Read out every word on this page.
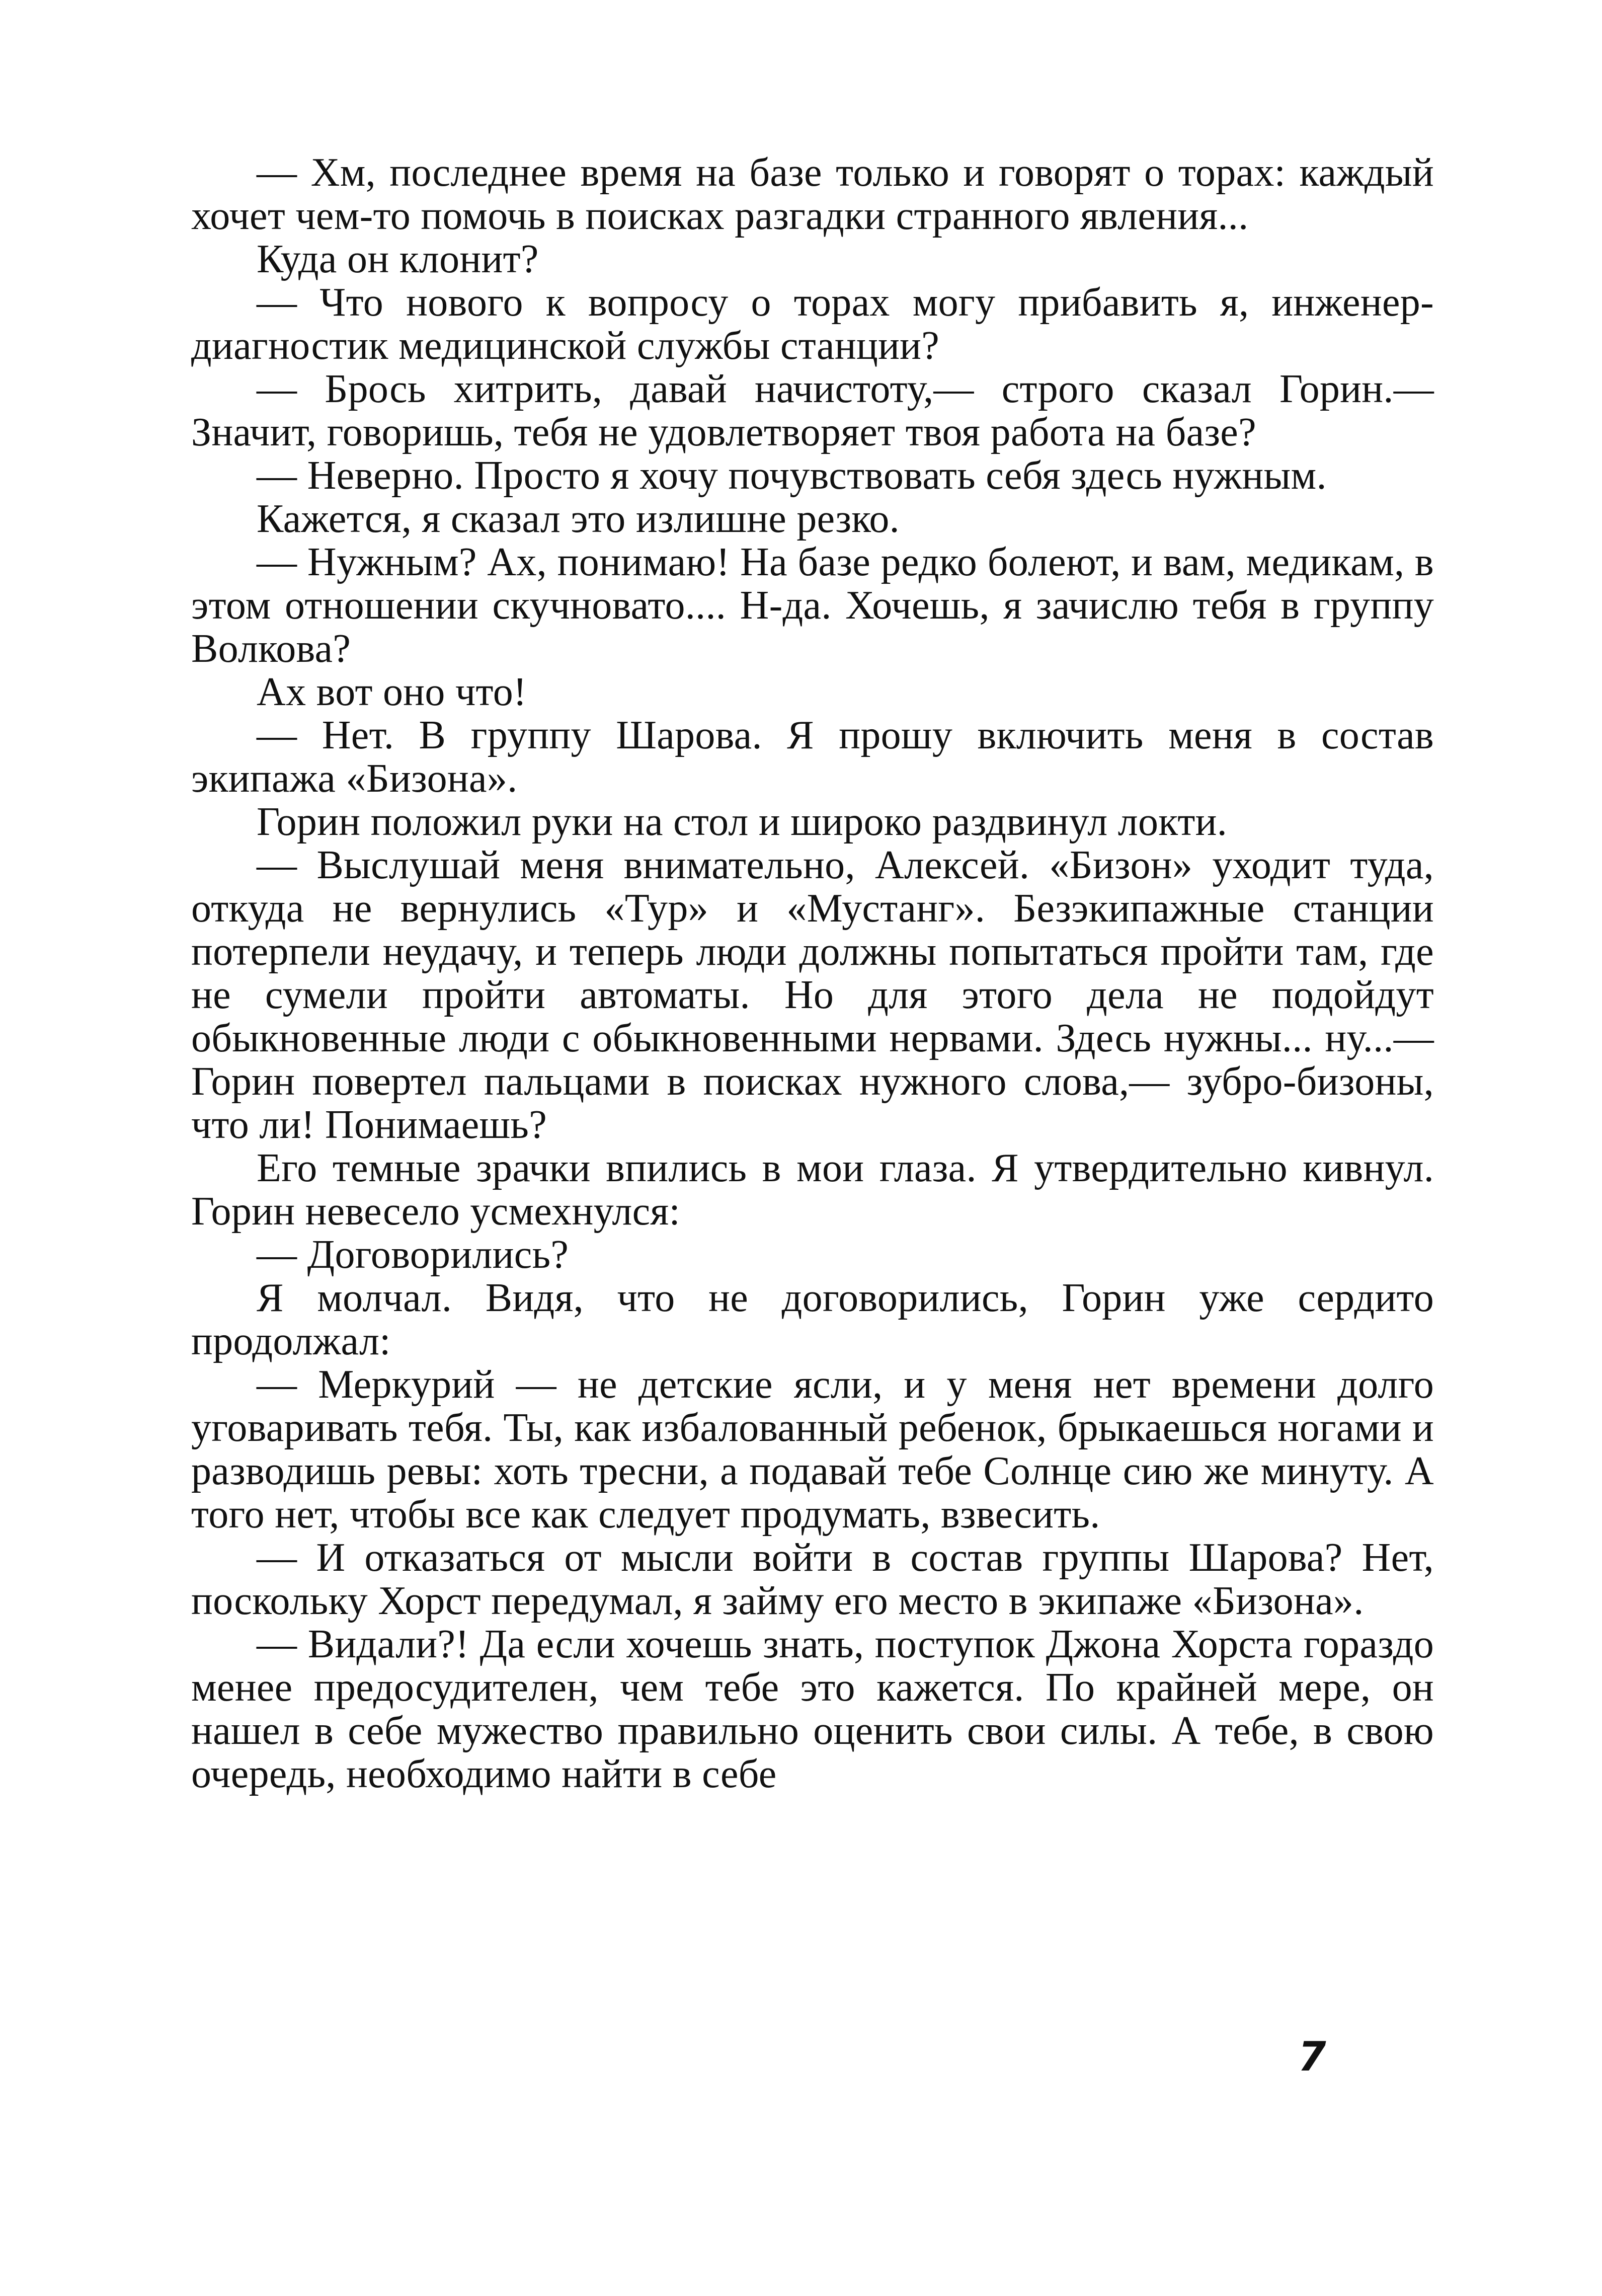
— Хм, последнее время на базе только и говорят о торах: каждый хочет чем-то помочь в поисках разгадки странного явления...

Куда он клонит?

— Что нового к вопросу о торах могу прибавить я, инженер-диагностик медицинской службы станции?

— Брось хитрить, давай начистоту,— строго сказал Горин.— Значит, говоришь, тебя не удовлетворяет твоя работа на базе?

— Неверно. Просто я хочу почувствовать себя здесь нужным.

Кажется, я сказал это излишне резко.

— Нужным? Ах, понимаю! На базе редко болеют, и вам, медикам, в этом отношении скучновато.... Н-да. Хочешь, я зачислю тебя в группу Волкова?

Ах вот оно что!

— Нет. В группу Шарова. Я прошу включить меня в состав экипажа «Бизона».

Горин положил руки на стол и широко раздвинул локти.

— Выслушай меня внимательно, Алексей. «Бизон» уходит туда, откуда не вернулись «Тур» и «Мустанг». Безэкипажные станции потерпели неудачу, и теперь люди должны попытаться пройти там, где не сумели пройти автоматы. Но для этого дела не подойдут обыкновенные люди с обыкновенными нервами. Здесь нужны... ну...— Горин повертел пальцами в поисках нужного слова,— зубро-бизоны, что ли! Понимаешь?

Его темные зрачки впились в мои глаза. Я утвердительно кивнул. Горин невесело усмехнулся:

— Договорились?

Я молчал. Видя, что не договорились, Горин уже сердито продолжал:

— Меркурий — не детские ясли, и у меня нет времени долго уговаривать тебя. Ты, как избалованный ребенок, брыкаешься ногами и разводишь ревы: хоть тресни, а подавай тебе Солнце сию же минуту. А того нет, чтобы все как следует продумать, взвесить.

— И отказаться от мысли войти в состав группы Шарова? Нет, поскольку Хорст передумал, я займу его место в экипаже «Бизона».

— Видали?! Да если хочешь знать, поступок Джона Хорста гораздо менее предосудителен, чем тебе это кажется. По крайней мере, он нашел в себе мужество правильно оценить свои силы. А тебе, в свою очередь, необходимо найти в себе

7
